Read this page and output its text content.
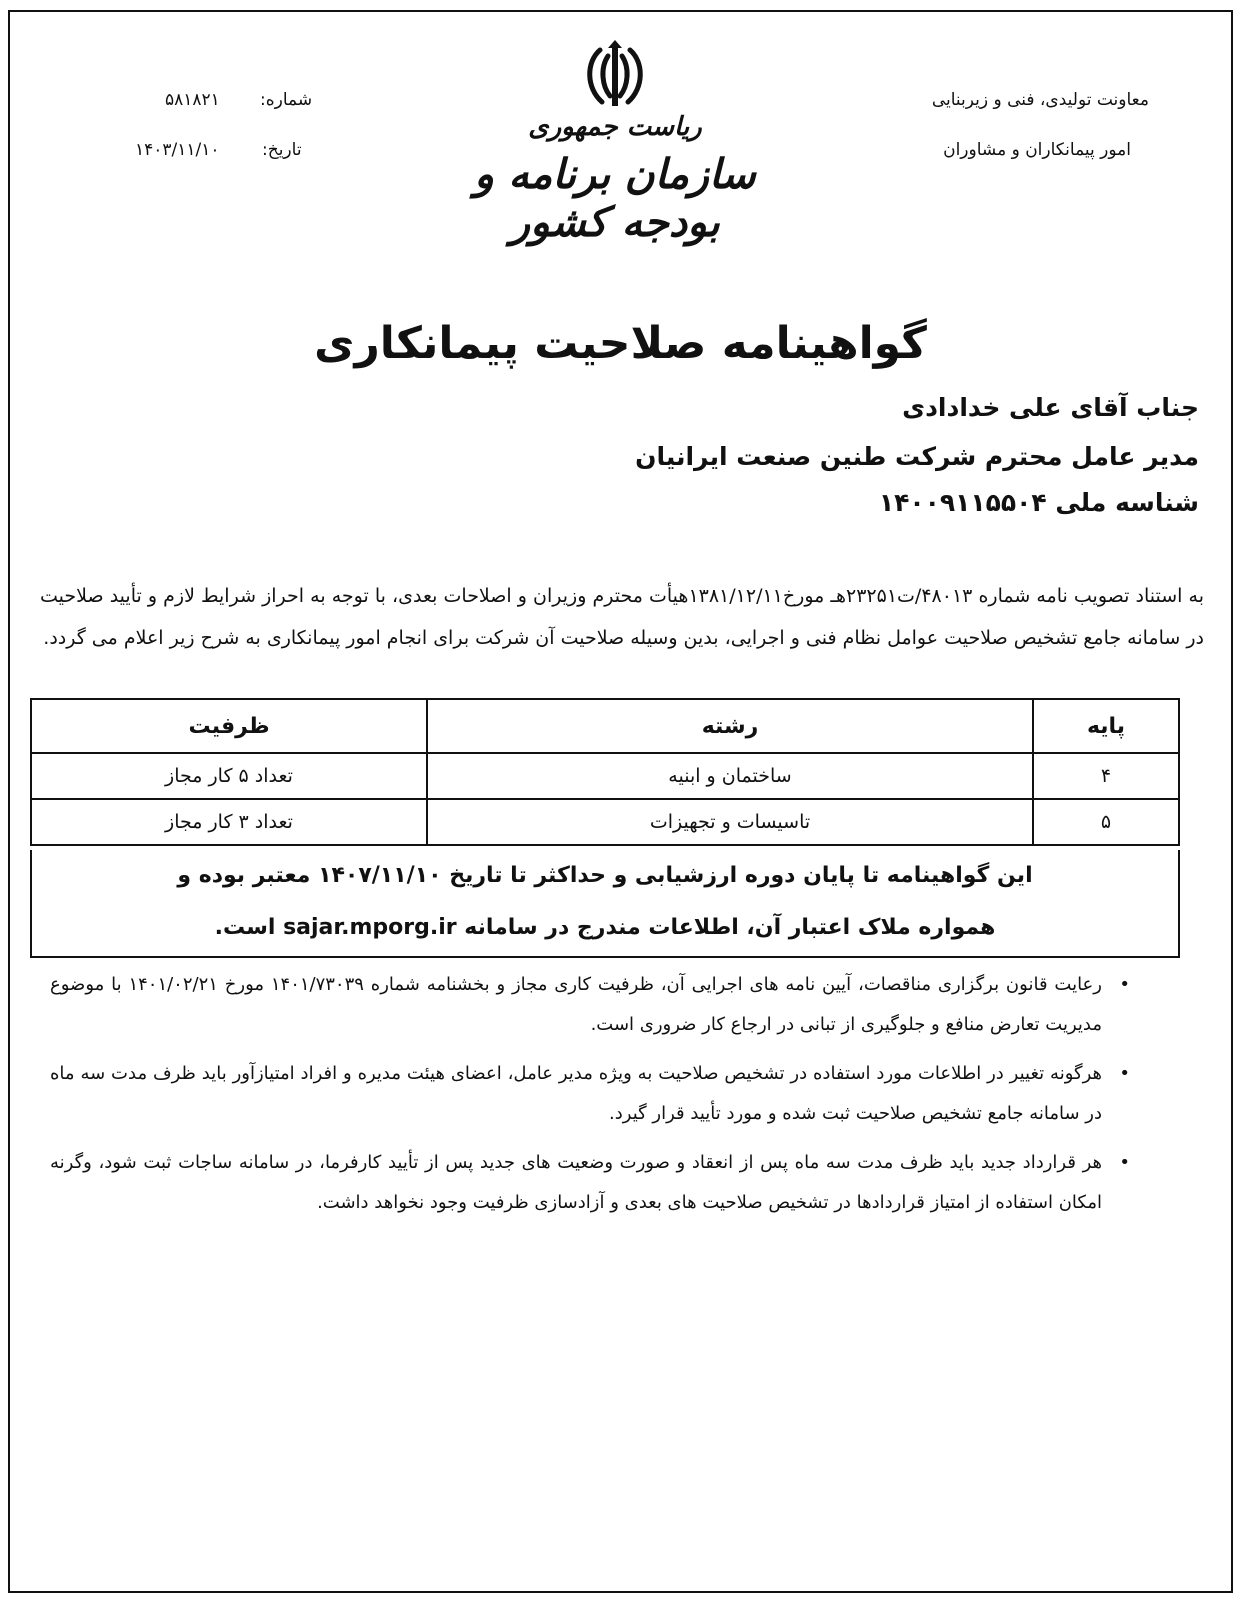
معاونت تولیدی، فنی و زیربنایی
امور پیمانکاران و مشاوران
شماره:
۵۸۱۸۲۱
تاریخ:
۱۴۰۳/۱۱/۱۰
ریاست جمهوری
سازمان برنامه و بودجه کشور
گواهینامه صلاحیت پیمانکاری
جناب آقای علی خدادادی
مدیر عامل محترم شرکت طنین صنعت ایرانیان
شناسه ملی ۱۴۰۰۹۱۱۵۵۰۴
به استناد تصویب نامه شماره ۴۸۰۱۳/ت۲۳۲۵۱هـ مورخ۱۳۸۱/۱۲/۱۱هیأت محترم وزیران و اصلاحات بعدی، با توجه به احراز شرایط لازم و تأیید صلاحیت در سامانه جامع تشخیص صلاحیت عوامل نظام فنی و اجرایی، بدین وسیله صلاحیت آن شرکت برای انجام امور پیمانکاری به شرح زیر اعلام می گردد.
پایه	رشته	ظرفیت
۴	ساختمان و ابنیه	تعداد ۵ کار مجاز
۵	تاسیسات و تجهیزات	تعداد ۳ کار مجاز
این گواهینامه تا پایان دوره ارزشیابی و حداکثر تا تاریخ ۱۴۰۷/۱۱/۱۰ معتبر بوده و
همواره ملاک اعتبار آن، اطلاعات مندرج در سامانه sajar.mporg.ir است.
•
رعایت قانون برگزاری مناقصات، آیین نامه های اجرایی آن، ظرفیت کاری مجاز و بخشنامه شماره ۱۴۰۱/۷۳۰۳۹ مورخ ۱۴۰۱/۰۲/۲۱ با موضوع مدیریت تعارض منافع و جلوگیری از تبانی در ارجاع کار ضروری است.
•
هرگونه تغییر در اطلاعات مورد استفاده در تشخیص صلاحیت به ویژه مدیر عامل، اعضای هیئت مدیره و افراد امتیازآور باید ظرف مدت سه ماه در سامانه جامع تشخیص صلاحیت ثبت شده و مورد تأیید قرار گیرد.
•
هر قرارداد جدید باید ظرف مدت سه ماه پس از انعقاد و صورت وضعیت های جدید پس از تأیید کارفرما، در سامانه ساجات ثبت شود، وگرنه امکان استفاده از امتیاز قراردادها در تشخیص صلاحیت های بعدی و آزادسازی ظرفیت وجود نخواهد داشت.
